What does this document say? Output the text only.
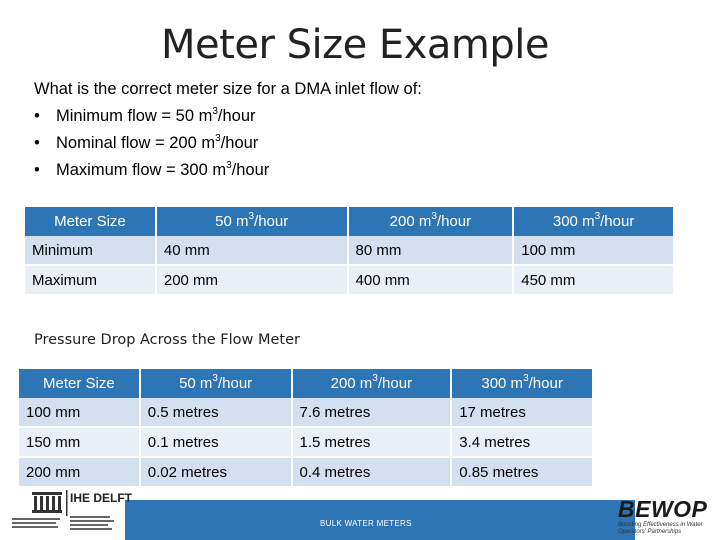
Meter Size Example
What is the correct meter size for a DMA inlet flow of:
• Minimum flow = 50 $m^3$/hour
• Nominal flow = 200 $m^3$/hour
• Maximum flow = 300 $m^3$/hour
Meter Size	50 $m^3$/hour	200 $m^3$/hour	300 $m^3$/hour
Minimum	40 mm	80 mm	100 mm
Maximum	200 mm	400 mm	450 mm
Pressure Drop Across the Flow Meter
Meter Size	50 $m^3$/hour	200 $m^3$/hour	300 $m^3$/hour
100 mm	0.5 metres	7.6 metres	17 metres
150 mm	0.1 metres	1.5 metres	3.4 metres
200 mm	0.02 metres	0.4 metres	0.85 metres
BULK WATER METERS
IHE DELFT	BEWOP
Boosting Effectiveness in Water Operators' Partnerships
